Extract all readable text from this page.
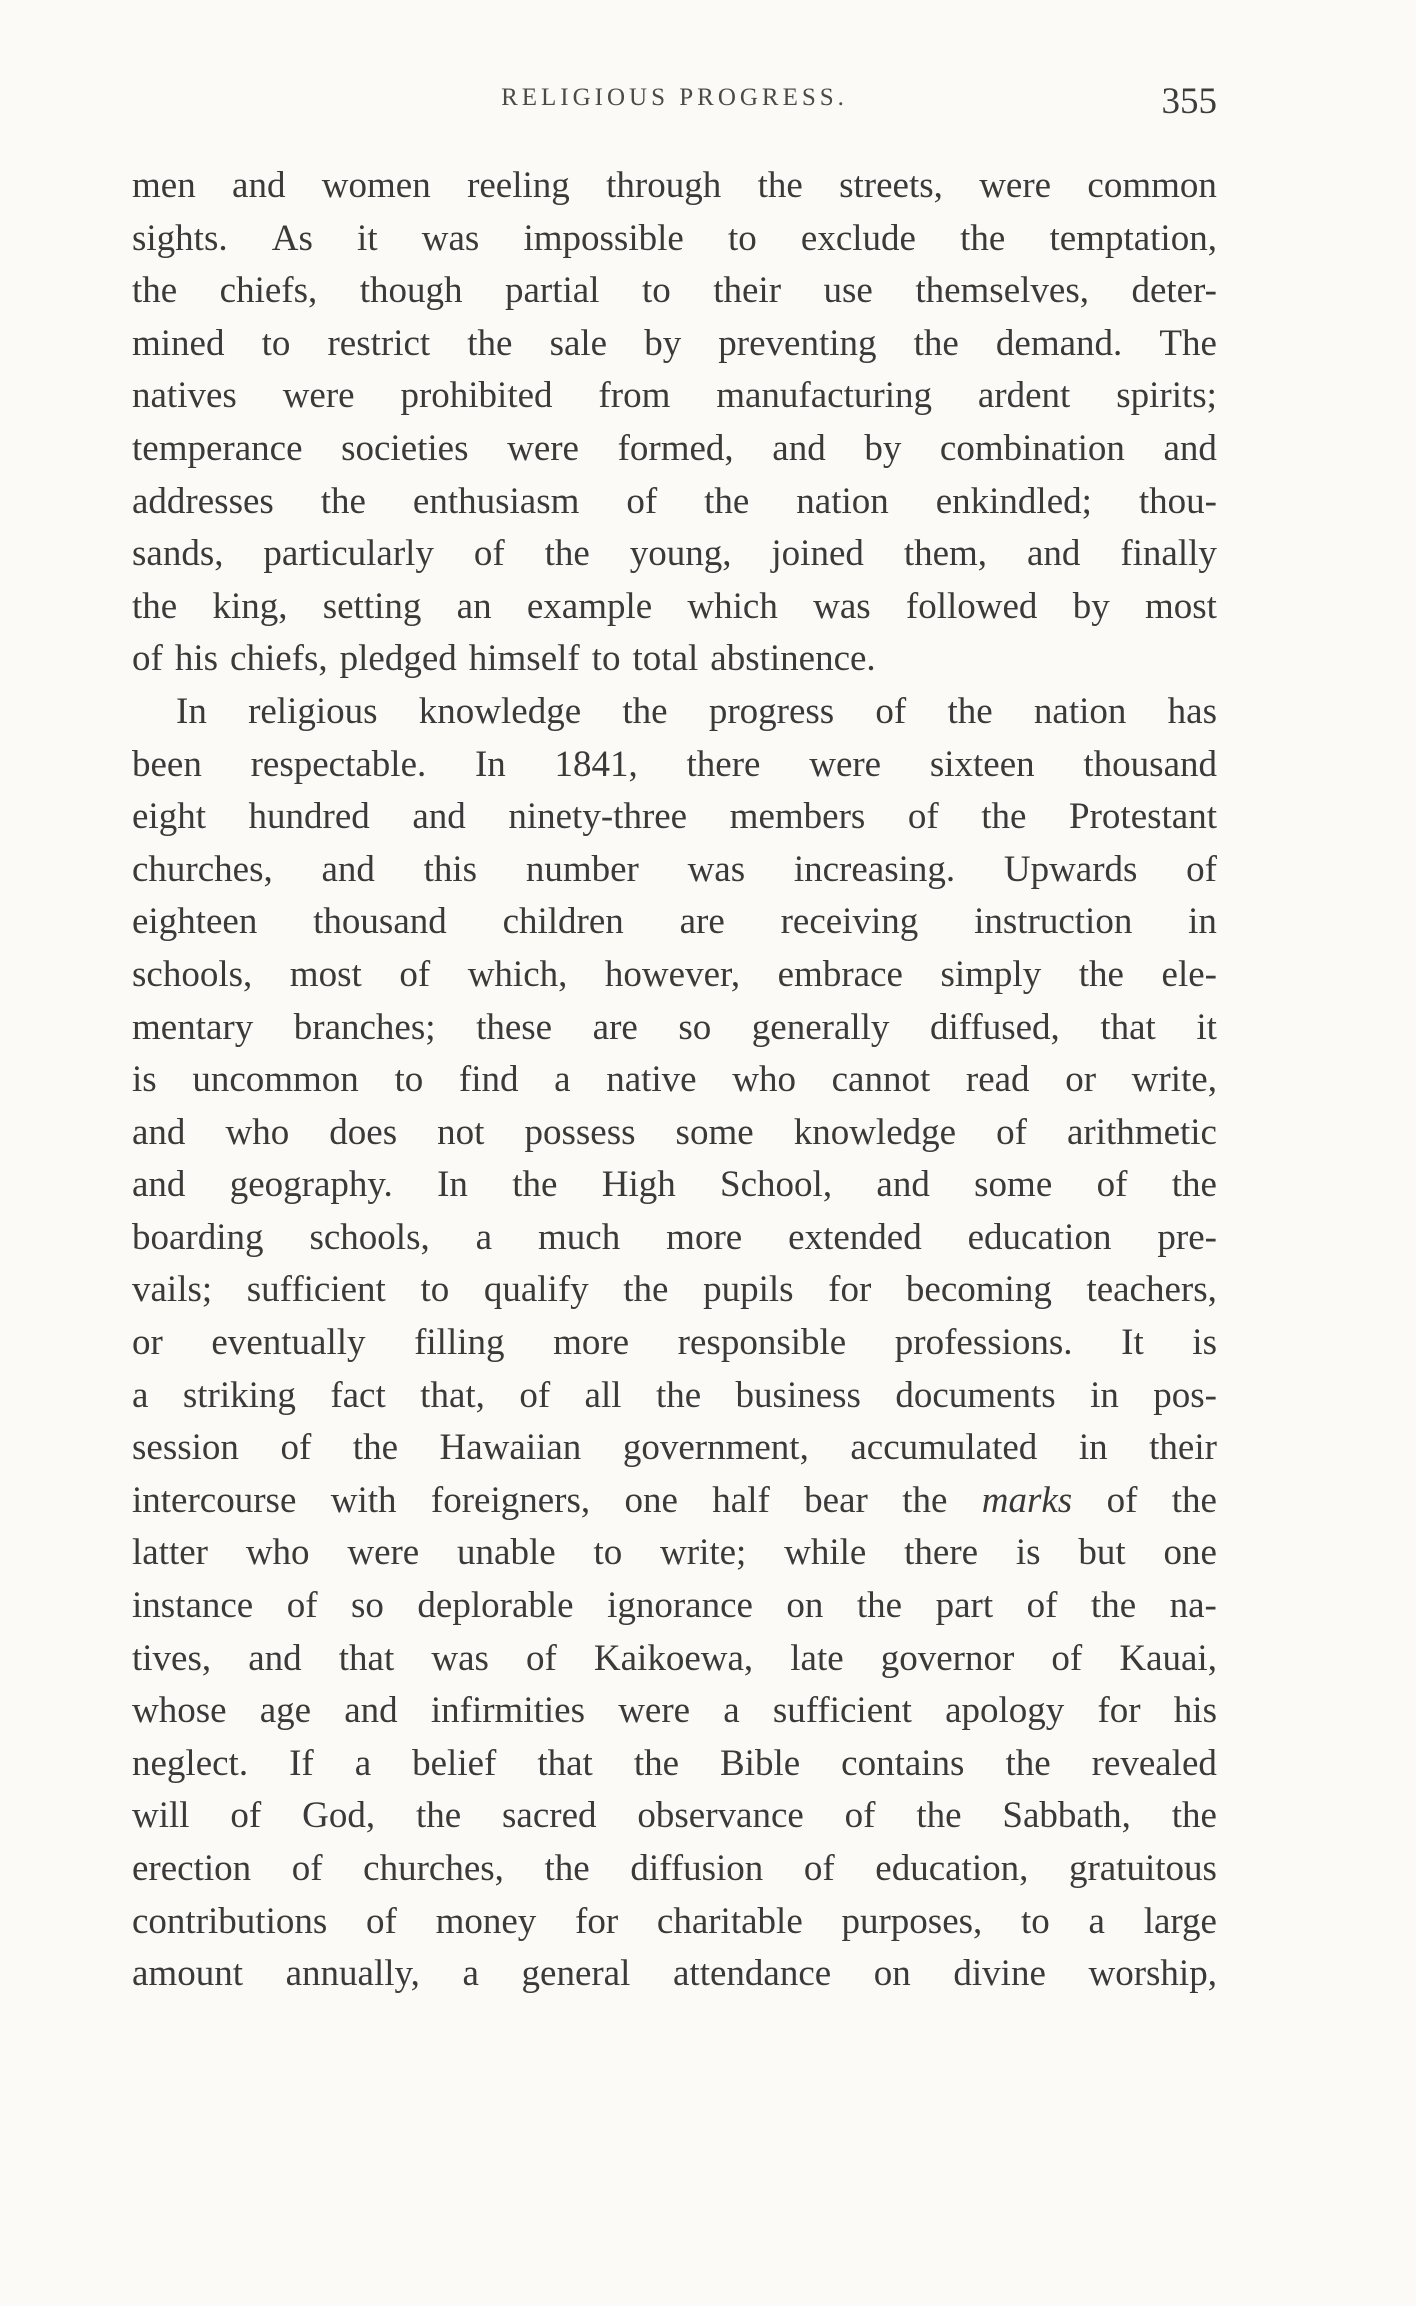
RELIGIOUS PROGRESS.	355
men and women reeling through the streets, were common
sights. As it was impossible to exclude the temptation,
the chiefs, though partial to their use themselves, deter-
mined to restrict the sale by preventing the demand. The
natives were prohibited from manufacturing ardent spirits;
temperance societies were formed, and by combination and
addresses the enthusiasm of the nation enkindled; thou-
sands, particularly of the young, joined them, and finally
the king, setting an example which was followed by most
of his chiefs, pledged himself to total abstinence.
In religious knowledge the progress of the nation has
been respectable. In 1841, there were sixteen thousand
eight hundred and ninety-three members of the Protestant
churches, and this number was increasing. Upwards of
eighteen thousand children are receiving instruction in
schools, most of which, however, embrace simply the ele-
mentary branches; these are so generally diffused, that it
is uncommon to find a native who cannot read or write,
and who does not possess some knowledge of arithmetic
and geography. In the High School, and some of the
boarding schools, a much more extended education pre-
vails; sufficient to qualify the pupils for becoming teachers,
or eventually filling more responsible professions. It is
a striking fact that, of all the business documents in pos-
session of the Hawaiian government, accumulated in their
intercourse with foreigners, one half bear the marks of the
latter who were unable to write; while there is but one
instance of so deplorable ignorance on the part of the na-
tives, and that was of Kaikoewa, late governor of Kauai,
whose age and infirmities were a sufficient apology for his
neglect. If a belief that the Bible contains the revealed
will of God, the sacred observance of the Sabbath, the
erection of churches, the diffusion of education, gratuitous
contributions of money for charitable purposes, to a large
amount annually, a general attendance on divine worship,
